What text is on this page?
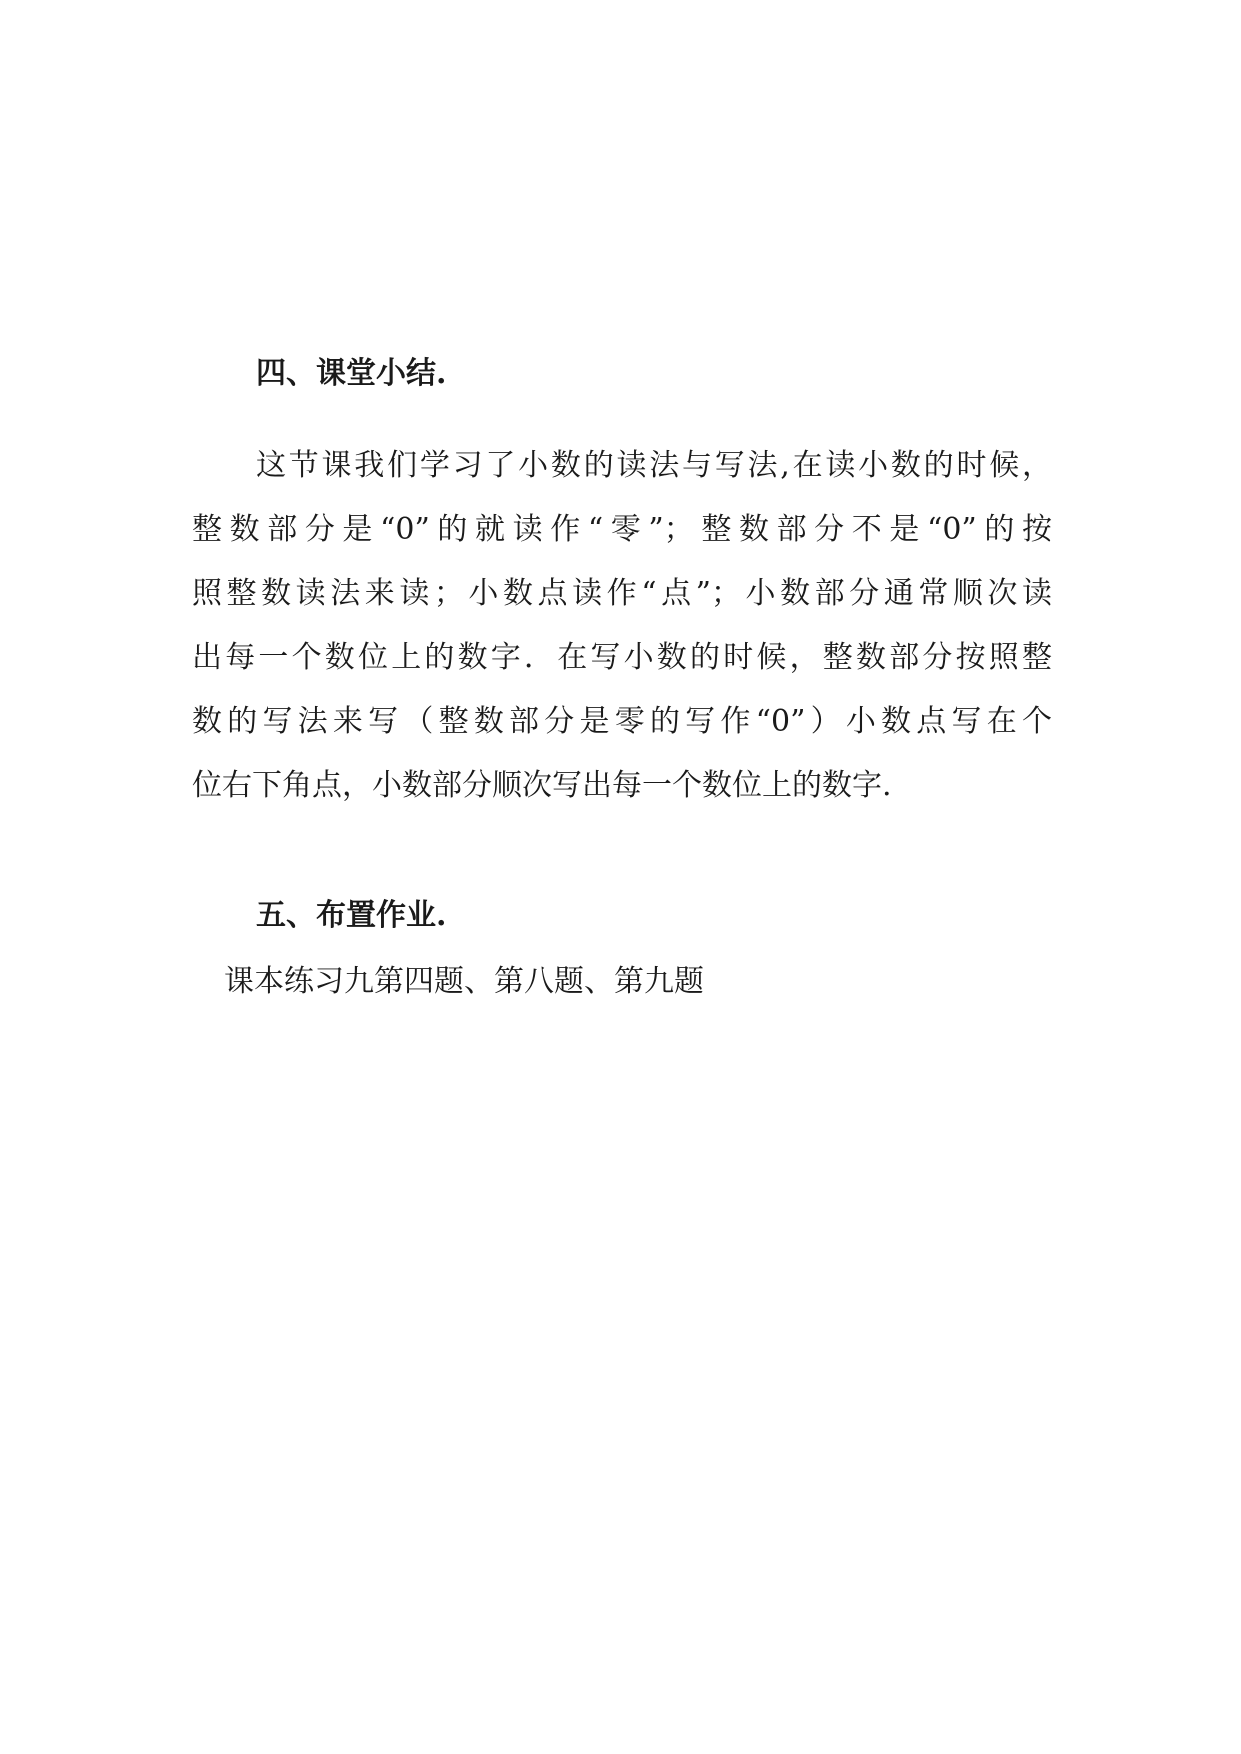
四、课堂小结.
这节课我们学习了小数的读法与写法,在读小数的时候，
整数部分是“0”的就读作“零”；整数部分不是“0”的按
照整数读法来读；小数点读作“点”；小数部分通常顺次读
出每一个数位上的数字．在写小数的时候，整数部分按照整
数的写法来写（整数部分是零的写作“0”）小数点写在个
位右下角点，小数部分顺次写出每一个数位上的数字.
五、布置作业.
课本练习九第四题、第八题、第九题
